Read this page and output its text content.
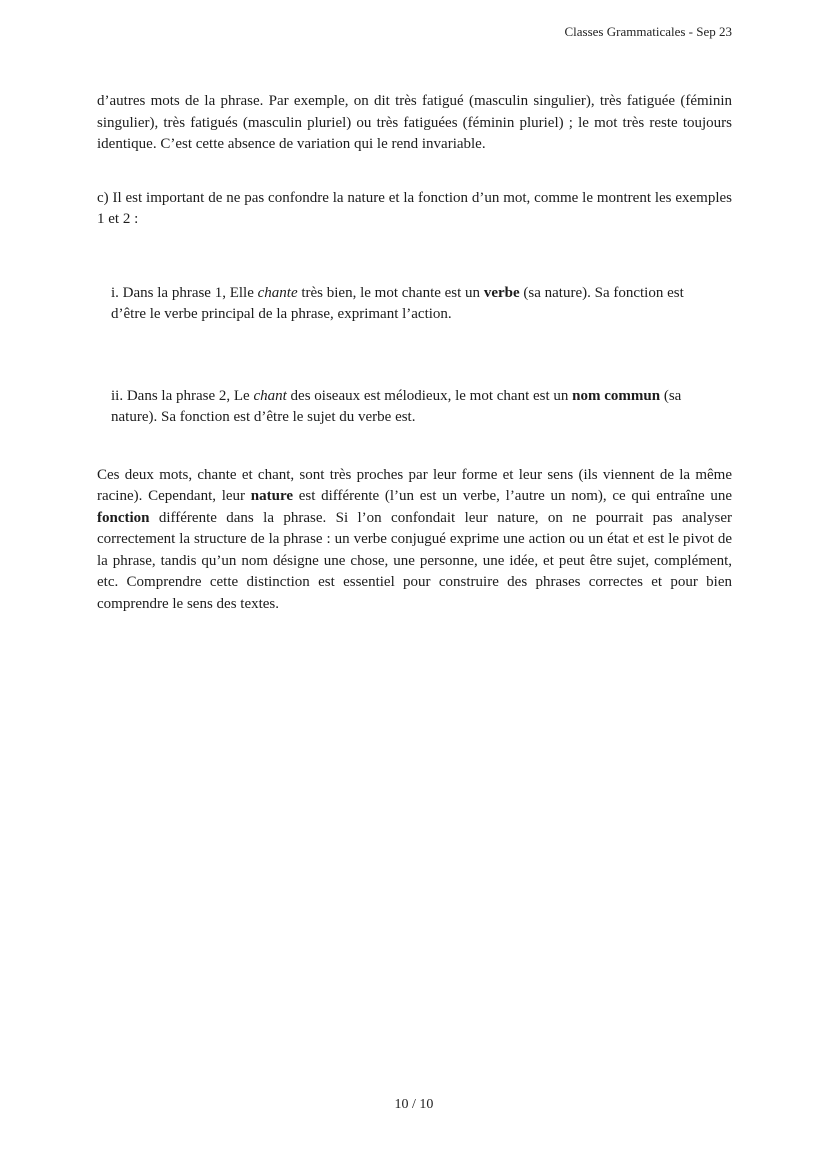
Classes Grammaticales - Sep 23

d’autres mots de la phrase. Par exemple, on dit très fatigué (masculin singulier), très fatiguée (féminin singulier), très fatigués (masculin pluriel) ou très fatiguées (féminin pluriel) ; le mot très reste toujours identique. C’est cette absence de variation qui le rend invariable.

c) Il est important de ne pas confondre la nature et la fonction d’un mot, comme le montrent les exemples 1 et 2 :

i. Dans la phrase 1, Elle chante très bien, le mot chante est un verbe (sa nature). Sa fonction est d’être le verbe principal de la phrase, exprimant l’action.

ii. Dans la phrase 2, Le chant des oiseaux est mélodieux, le mot chant est un nom commun (sa nature). Sa fonction est d’être le sujet du verbe est.

Ces deux mots, chante et chant, sont très proches par leur forme et leur sens (ils viennent de la même racine). Cependant, leur nature est différente (l’un est un verbe, l’autre un nom), ce qui entraîne une fonction différente dans la phrase. Si l’on confondait leur nature, on ne pourrait pas analyser correctement la structure de la phrase : un verbe conjugué exprime une action ou un état et est le pivot de la phrase, tandis qu’un nom désigne une chose, une personne, une idée, et peut être sujet, complément, etc. Comprendre cette distinction est essentiel pour construire des phrases correctes et pour bien comprendre le sens des textes.

10 / 10
